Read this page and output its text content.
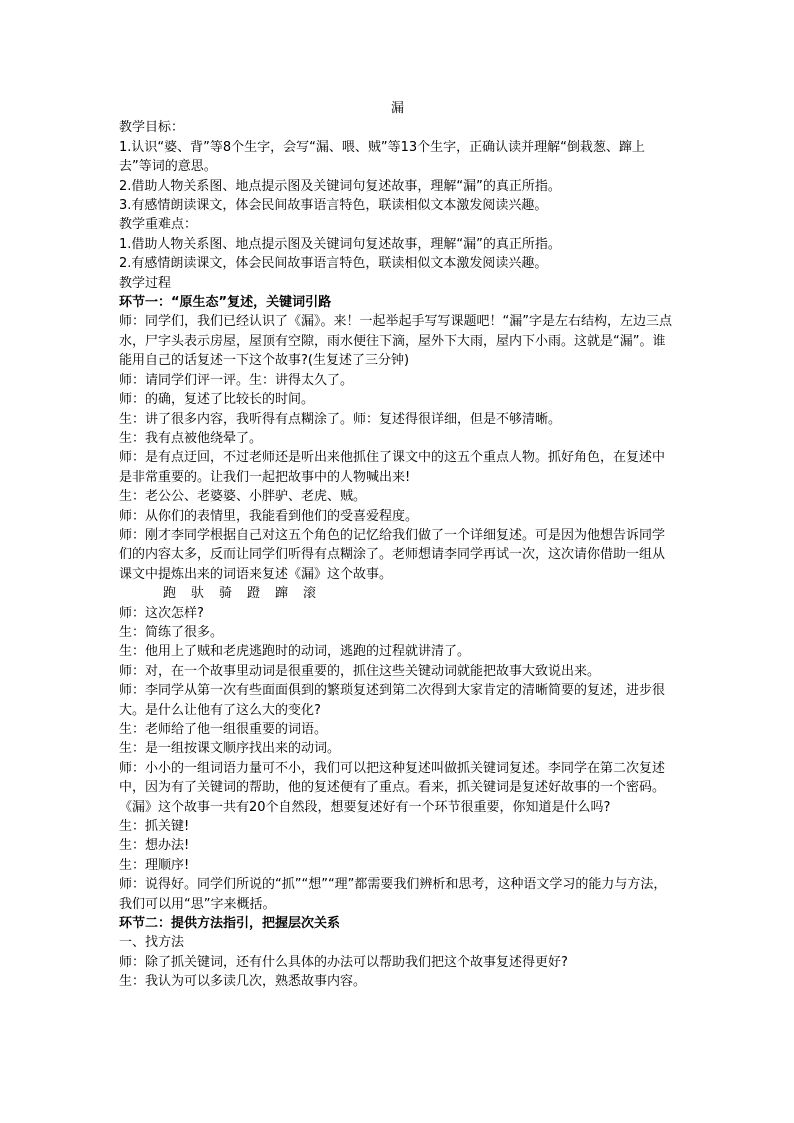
漏

教学目标：

1.认识“婆、背”等8个生字，会写“漏、喂、贼”等13个生字，正确认读并理解“倒栽葱、蹿上去”等词的意思。

2.借助人物关系图、地点提示图及关键词句复述故事，理解“漏”的真正所指。

3.有感情朗读课文，体会民间故事语言特色，联读相似文本激发阅读兴趣。

教学重难点：

1.借助人物关系图、地点提示图及关键词句复述故事，理解“漏”的真正所指。

2.有感情朗读课文，体会民间故事语言特色，联读相似文本激发阅读兴趣。

教学过程

环节一：“原生态”复述，关键词引路

师：同学们，我们已经认识了《漏》。来！一起举起手写写课题吧！“漏”字是左右结构，左边三点水，尸字头表示房屋，屋顶有空隙，雨水便往下滴，屋外下大雨，屋内下小雨。这就是“漏”。谁能用自己的话复述一下这个故事?(生复述了三分钟)

师：请同学们评一评。生：讲得太久了。

师：的确，复述了比较长的时间。

生：讲了很多内容，我听得有点糊涂了。师：复述得很详细，但是不够清晰。

生：我有点被他绕晕了。

师：是有点迂回，不过老师还是听出来他抓住了课文中的这五个重点人物。抓好角色，在复述中是非常重要的。让我们一起把故事中的人物喊出来!

生：老公公、老婆婆、小胖驴、老虎、贼。

师：从你们的表情里，我能看到他们的受喜爱程度。

师：刚才李同学根据自己对这五个角色的记忆给我们做了一个详细复述。可是因为他想告诉同学们的内容太多，反而让同学们听得有点糊涂了。老师想请李同学再试一次，这次请你借助一组从课文中提炼出来的词语来复述《漏》这个故事。

跑　驮　骑　蹬　蹿　滚

师：这次怎样?

生：简练了很多。

生：他用上了贼和老虎逃跑时的动词，逃跑的过程就讲清了。

师：对，在一个故事里动词是很重要的，抓住这些关键动词就能把故事大致说出来。

师：李同学从第一次有些面面俱到的繁琐复述到第二次得到大家肯定的清晰简要的复述，进步很大。是什么让他有了这么大的变化?

生：老师给了他一组很重要的词语。

生：是一组按课文顺序找出来的动词。

师：小小的一组词语力量可不小，我们可以把这种复述叫做抓关键词复述。李同学在第二次复述中，因为有了关键词的帮助，他的复述便有了重点。看来，抓关键词是复述好故事的一个密码。《漏》这个故事一共有20个自然段，想要复述好有一个环节很重要，你知道是什么吗?

生：抓关键!

生：想办法!

生：理顺序!

师：说得好。同学们所说的“抓”“想”“理”都需要我们辨析和思考，这种语文学习的能力与方法，我们可以用“思”字来概括。

环节二：提供方法指引，把握层次关系

一、找方法

师：除了抓关键词，还有什么具体的办法可以帮助我们把这个故事复述得更好?

生：我认为可以多读几次，熟悉故事内容。
